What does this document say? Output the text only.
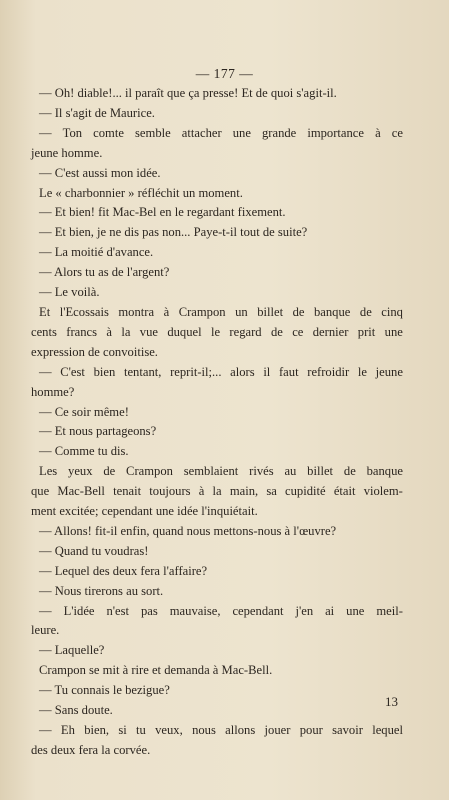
— 177 —
— Oh! diable!... il paraît que ça presse! Et de quoi s'agit-il.
— Il s'agit de Maurice.
— Ton comte semble attacher une grande importance à ce
jeune homme.
— C'est aussi mon idée.
Le « charbonnier » réfléchit un moment.
— Et bien! fit Mac-Bel en le regardant fixement.
— Et bien, je ne dis pas non... Paye-t-il tout de suite?
— La moitié d'avance.
— Alors tu as de l'argent?
— Le voilà.
Et l'Ecossais montra à Crampon un billet de banque de cinq
cents francs à la vue duquel le regard de ce dernier prit une
expression de convoitise.
— C'est bien tentant, reprit-il;... alors il faut refroidir le jeune
homme?
— Ce soir même!
— Et nous partageons?
— Comme tu dis.
Les yeux de Crampon semblaient rivés au billet de banque
que Mac-Bell tenait toujours à la main, sa cupidité était violem-
ment excitée; cependant une idée l'inquiétait.
— Allons! fit-il enfin, quand nous mettons-nous à l'œuvre?
— Quand tu voudras!
— Lequel des deux fera l'affaire?
— Nous tirerons au sort.
— L'idée n'est pas mauvaise, cependant j'en ai une meil-
leure.
— Laquelle?
Crampon se mit à rire et demanda à Mac-Bell.
— Tu connais le bezigue?
— Sans doute.
— Eh bien, si tu veux, nous allons jouer pour savoir lequel
des deux fera la corvée.
13
